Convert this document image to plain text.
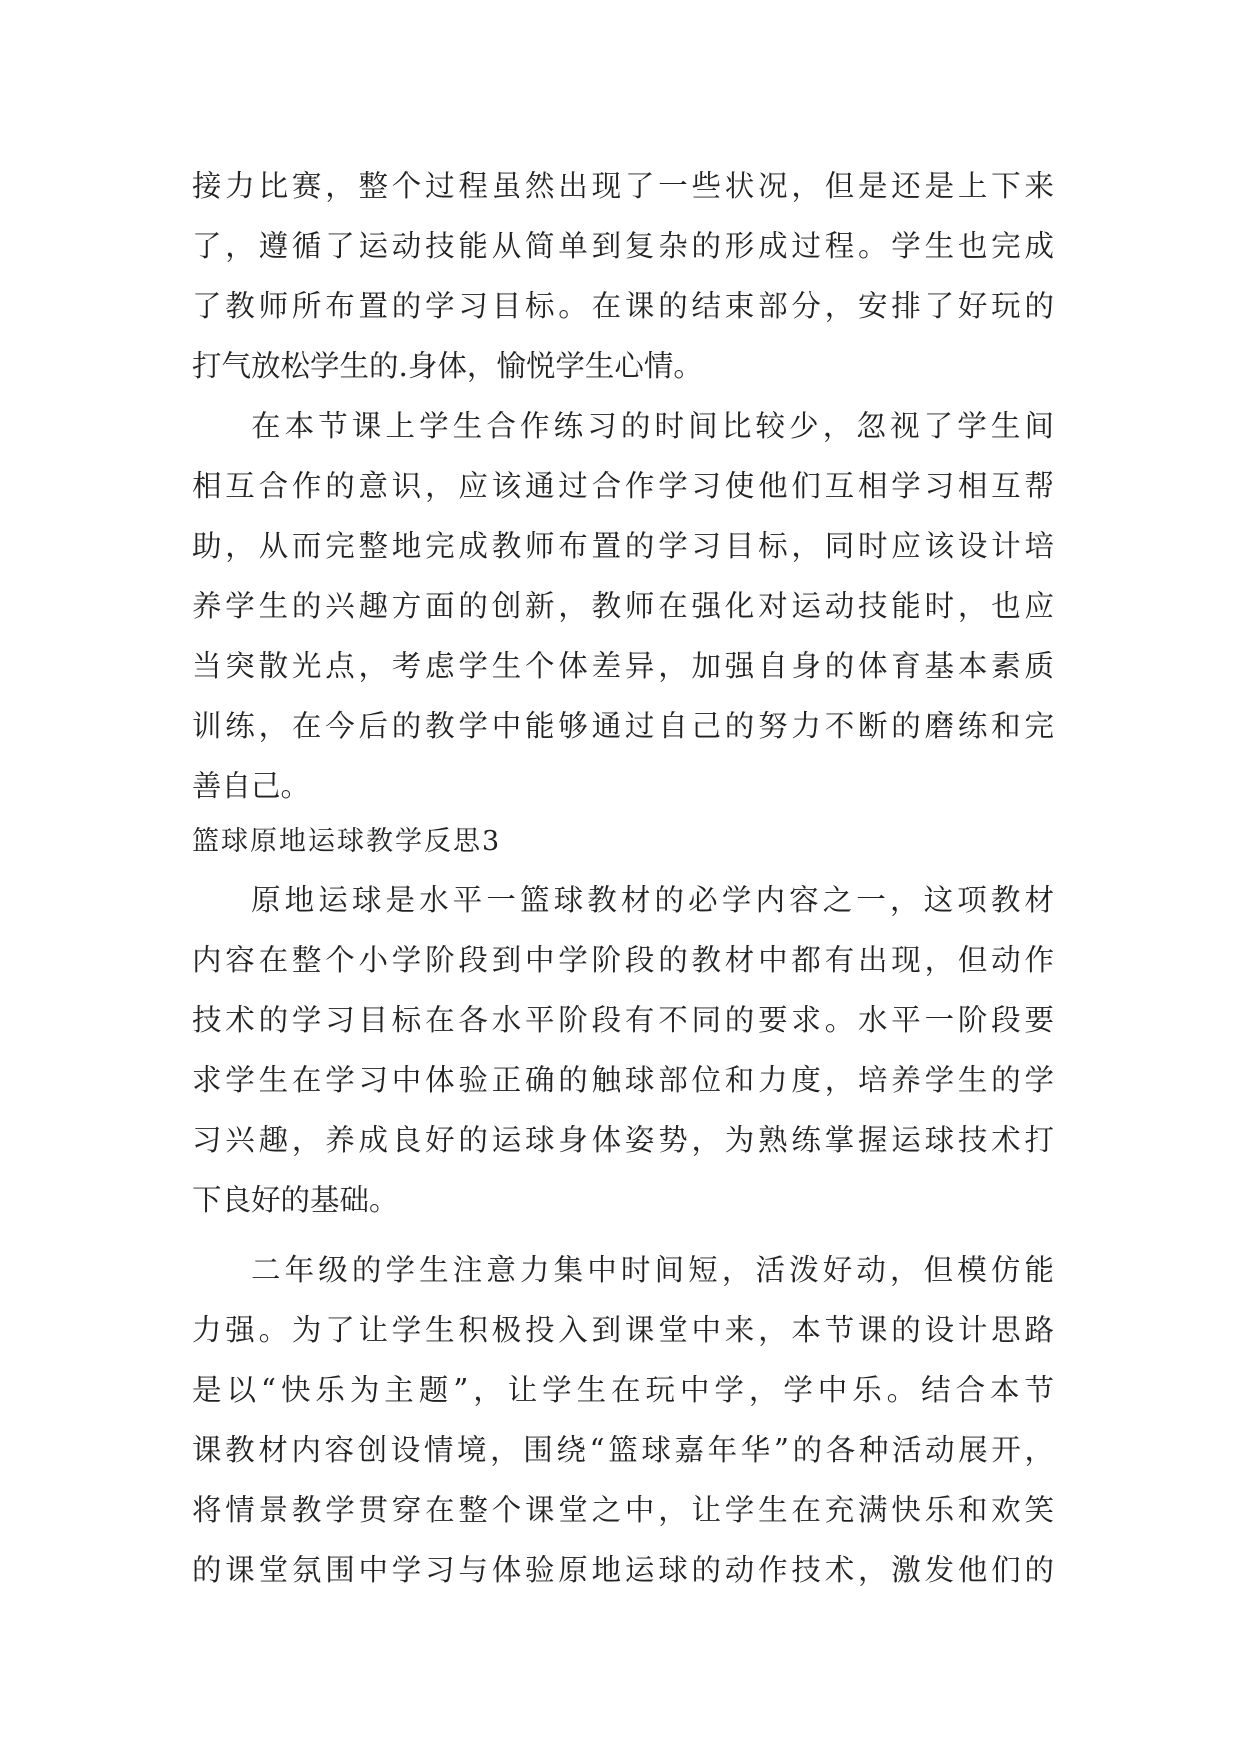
接力比赛，整个过程虽然出现了一些状况，但是还是上下来
了，遵循了运动技能从简单到复杂的形成过程。学生也完成
了教师所布置的学习目标。在课的结束部分，安排了好玩的
打气放松学生的.身体，愉悦学生心情。
在本节课上学生合作练习的时间比较少，忽视了学生间
相互合作的意识，应该通过合作学习使他们互相学习相互帮
助，从而完整地完成教师布置的学习目标，同时应该设计培
养学生的兴趣方面的创新，教师在强化对运动技能时，也应
当突散光点，考虑学生个体差异，加强自身的体育基本素质
训练，在今后的教学中能够通过自己的努力不断的磨练和完
善自己。
篮球原地运球教学反思3
原地运球是水平一篮球教材的必学内容之一，这项教材
内容在整个小学阶段到中学阶段的教材中都有出现，但动作
技术的学习目标在各水平阶段有不同的要求。水平一阶段要
求学生在学习中体验正确的触球部位和力度，培养学生的学
习兴趣，养成良好的运球身体姿势，为熟练掌握运球技术打
下良好的基础。
二年级的学生注意力集中时间短，活泼好动，但模仿能
力强。为了让学生积极投入到课堂中来，本节课的设计思路
是以“快乐为主题”，让学生在玩中学，学中乐。结合本节
课教材内容创设情境，围绕“篮球嘉年华”的各种活动展开，
将情景教学贯穿在整个课堂之中，让学生在充满快乐和欢笑
的课堂氛围中学习与体验原地运球的动作技术，激发他们的
